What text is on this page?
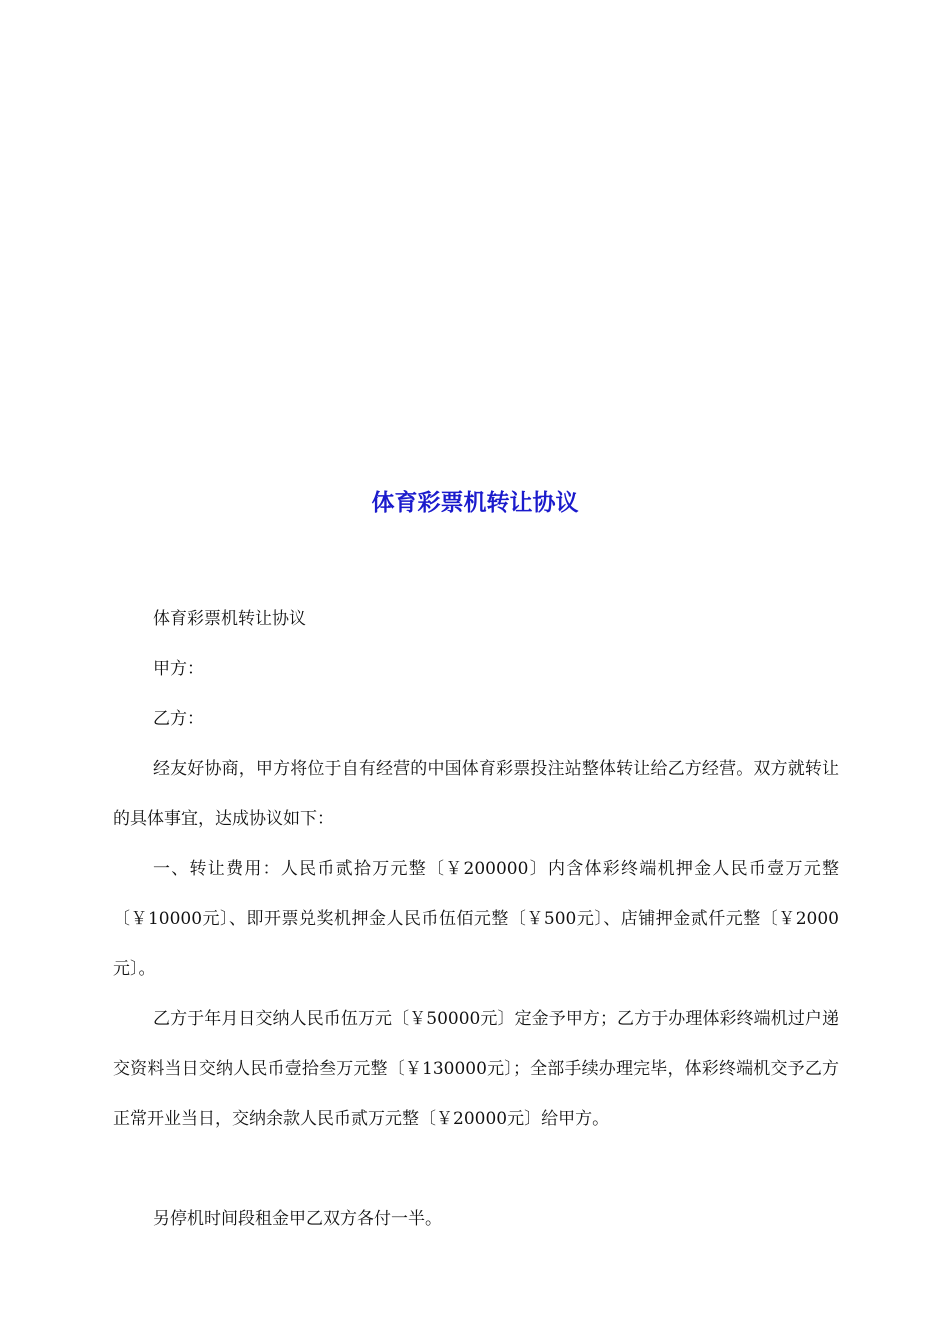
体育彩票机转让协议

体育彩票机转让协议

甲方：

乙方：

经友好协商，甲方将位于自有经营的中国体育彩票投注站整体转让给乙方经营。双方就转让的具体事宜，达成协议如下：

一、转让费用：人民币贰拾万元整〔￥200000〕内含体彩终端机押金人民币壹万元整〔￥10000元〕、即开票兑奖机押金人民币伍佰元整〔￥500元〕、店铺押金贰仟元整〔￥2000元〕。

乙方于年月日交纳人民币伍万元〔￥50000元〕定金予甲方；乙方于办理体彩终端机过户递交资料当日交纳人民币壹拾叁万元整〔￥130000元〕；全部手续办理完毕，体彩终端机交予乙方正常开业当日，交纳余款人民币贰万元整〔￥20000元〕给甲方。

另停机时间段租金甲乙双方各付一半。
